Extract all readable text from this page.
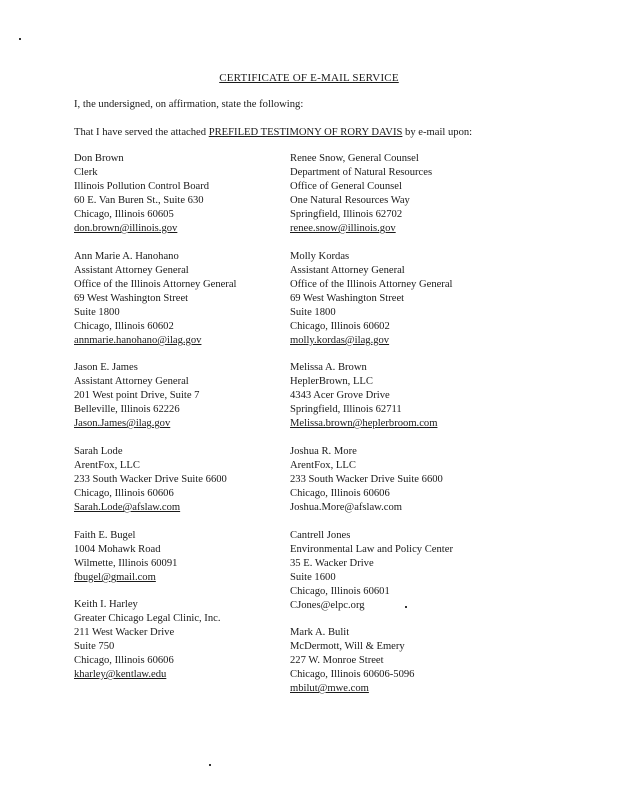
CERTIFICATE OF E-MAIL SERVICE
I, the undersigned, on affirmation, state the following:
That I have served the attached PREFILED TESTIMONY OF RORY DAVIS by e-mail upon:
Don Brown
Clerk
Illinois Pollution Control Board
60 E. Van Buren St., Suite 630
Chicago, Illinois 60605
don.brown@illinois.gov
Ann Marie A. Hanohano
Assistant Attorney General
Office of the Illinois Attorney General
69 West Washington Street
Suite 1800
Chicago, Illinois 60602
annmarie.hanohano@ilag.gov
Jason E. James
Assistant Attorney General
201 West point Drive, Suite 7
Belleville, Illinois 62226
Jason.James@ilag.gov
Sarah Lode
ArentFox, LLC
233 South Wacker Drive Suite 6600
Chicago, Illinois 60606
Sarah.Lode@afslaw.com
Faith E. Bugel
1004 Mohawk Road
Wilmette, Illinois 60091
fbugel@gmail.com
Keith I. Harley
Greater Chicago Legal Clinic, Inc.
211 West Wacker Drive
Suite 750
Chicago, Illinois 60606
kharley@kentlaw.edu
Renee Snow, General Counsel
Department of Natural Resources
Office of General Counsel
One Natural Resources Way
Springfield, Illinois 62702
renee.snow@illinois.gov
Molly Kordas
Assistant Attorney General
Office of the Illinois Attorney General
69 West Washington Street
Suite 1800
Chicago, Illinois 60602
molly.kordas@ilag.gov
Melissa A. Brown
HeplerBrown, LLC
4343 Acer Grove Drive
Springfield, Illinois 62711
Melissa.brown@heplerbroom.com
Joshua R. More
ArentFox, LLC
233 South Wacker Drive Suite 6600
Chicago, Illinois 60606
Joshua.More@afslaw.com
Cantrell Jones
Environmental Law and Policy Center
35 E. Wacker Drive
Suite 1600
Chicago, Illinois 60601
CJones@elpc.org
Mark A. Bulit
McDermott, Will & Emery
227 W. Monroe Street
Chicago, Illinois 60606-5096
mbilut@mwe.com
